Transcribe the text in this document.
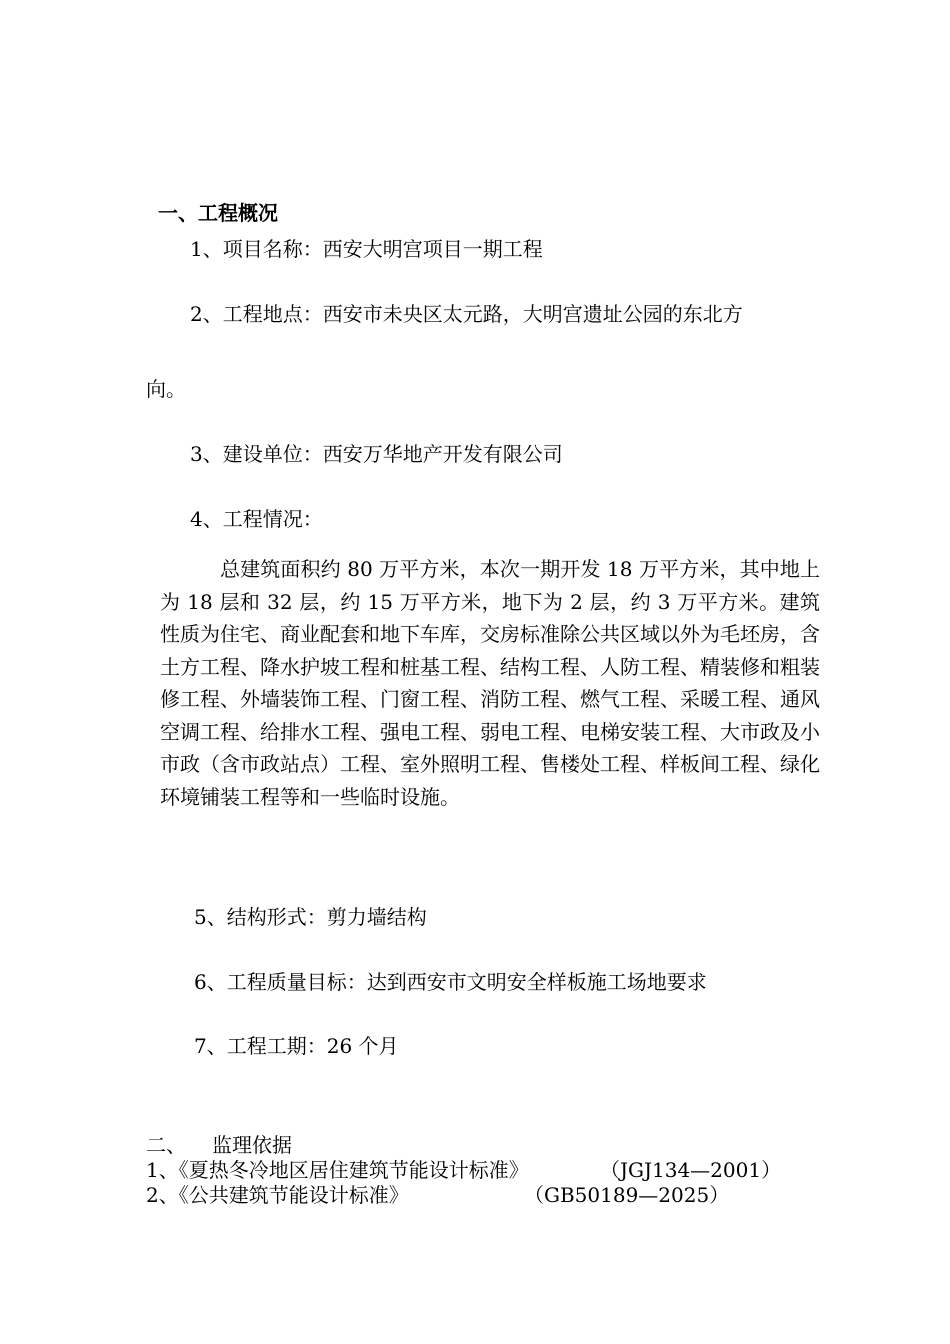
一、工程概况
1、项目名称：西安大明宫项目一期工程
2、工程地点：西安市未央区太元路，大明宫遗址公园的东北方
向。
3、建设单位：西安万华地产开发有限公司
4、工程情况：
总建筑面积约 80 万平方米，本次一期开发 18 万平方米，其中地上为 18 层和 32 层，约 15 万平方米，地下为 2 层，约 3 万平方米。建筑性质为住宅、商业配套和地下车库，交房标准除公共区域以外为毛坯房，含土方工程、降水护坡工程和桩基工程、结构工程、人防工程、精装修和粗装修工程、外墙装饰工程、门窗工程、消防工程、燃气工程、采暖工程、通风空调工程、给排水工程、强电工程、弱电工程、电梯安装工程、大市政及小市政（含市政站点）工程、室外照明工程、售楼处工程、样板间工程、绿化环境铺装工程等和一些临时设施。
5、结构形式：剪力墙结构
6、工程质量目标：达到西安市文明安全样板施工场地要求
7、工程工期：26 个月
二、 监理依据
1、《夏热冬冷地区居住建筑节能设计标准》	（JGJ134—2001）
2、《公共建筑节能设计标准》	（GB50189—2025）
